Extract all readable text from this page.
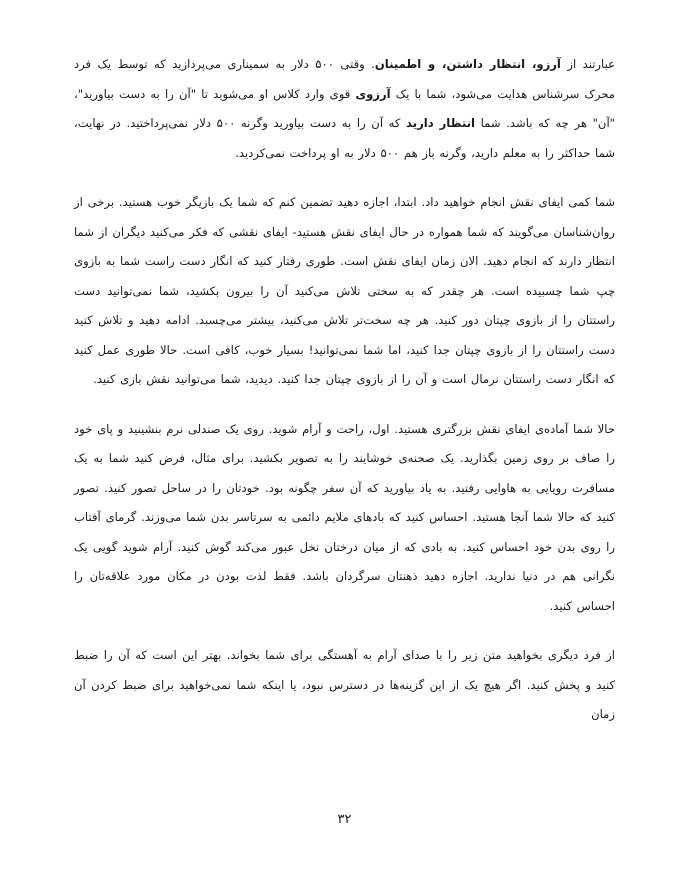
عبارتند از آرزو، انتظار داشتن، و اطمینان. وقتی ۵۰۰ دلار به سمیناری می‌پردازید که توسط یک فرد محرک سرشناس هدایت می‌شود، شما با یک آرزوی قوی وارد کلاس او می‌شوید تا "آن را به دست بیاورید"، "آن" هر چه که باشد. شما انتظار دارید که آن را به دست بیاورید وگرنه ۵۰۰ دلار نمی‌پرداختید. در نهایت، شما حداکثر را به معلم دارید، وگرنه باز هم ۵۰۰ دلار به او پرداخت نمی‌کردید.

شما کمی ایفای نقش انجام خواهید داد. ابتدا، اجازه دهید تضمین کنم که شما یک بازیگر خوب هستید. برخی از روان‌شناسان می‌گویند که شما همواره در حال ایفای نقش هستید- ایفای نقشی که فکر می‌کنید دیگران از شما انتظار دارند که انجام دهید. الان زمان ایفای نقش است. طوری رفتار کنید که انگار دست راست شما به بازوی چپ شما چسبیده است. هر چقدر که به سختی تلاش می‌کنید آن را بیرون بکشید، شما نمی‌توانید دست راستتان را از بازوی چپتان دور کنید. هر چه سخت‌تر تلاش می‌کنید، بیشتر می‌چسبد. ادامه دهید و تلاش کنید دست راستتان را از بازوی چپتان جدا کنید، اما شما نمی‌توانید! بسیار خوب، کافی است. حالا طوری عمل کنید که انگار دست راستتان نرمال است و آن را از بازوی چپتان جدا کنید. دیدید، شما می‌توانید نقش بازی کنید.

حالا شما آماده‌ی ایفای نقش بزرگتری هستید. اول، راحت و آرام شوید. روی یک صندلی نرم بنشینید و پای خود را صاف بر روی زمین بگذارید. یک صحنه‌ی خوشایند را به تصویر بکشید. برای مثال، فرض کنید شما به یک مسافرت رویایی به هاوایی رفتید. به یاد بیاورید که آن سفر چگونه بود. خودتان را در ساحل تصور کنید. تصور کنید که حالا شما آنجا هستید. احساس کنید که بادهای ملایم دائمی به سرتاسر بدن شما می‌وزند. گرمای آفتاب را روی بدن خود احساس کنید. به بادی که از میان درختان نخل عبور می‌کند گوش کنید. آرام شوید گویی یک نگرانی هم در دنیا ندارید. اجازه دهید ذهنتان سرگردان باشد. فقط لذت بودن در مکان مورد علاقه‌تان را احساس کنید.

از فرد دیگری بخواهید متن زیر را با صدای آرام به آهستگی برای شما بخواند. بهتر این است که آن را ضبط کنید و پخش کنید. اگر هیچ یک از این گزینه‌ها در دسترس نبود، یا اینکه شما نمی‌خواهید برای ضبط کردن آن زمان

۳۲
